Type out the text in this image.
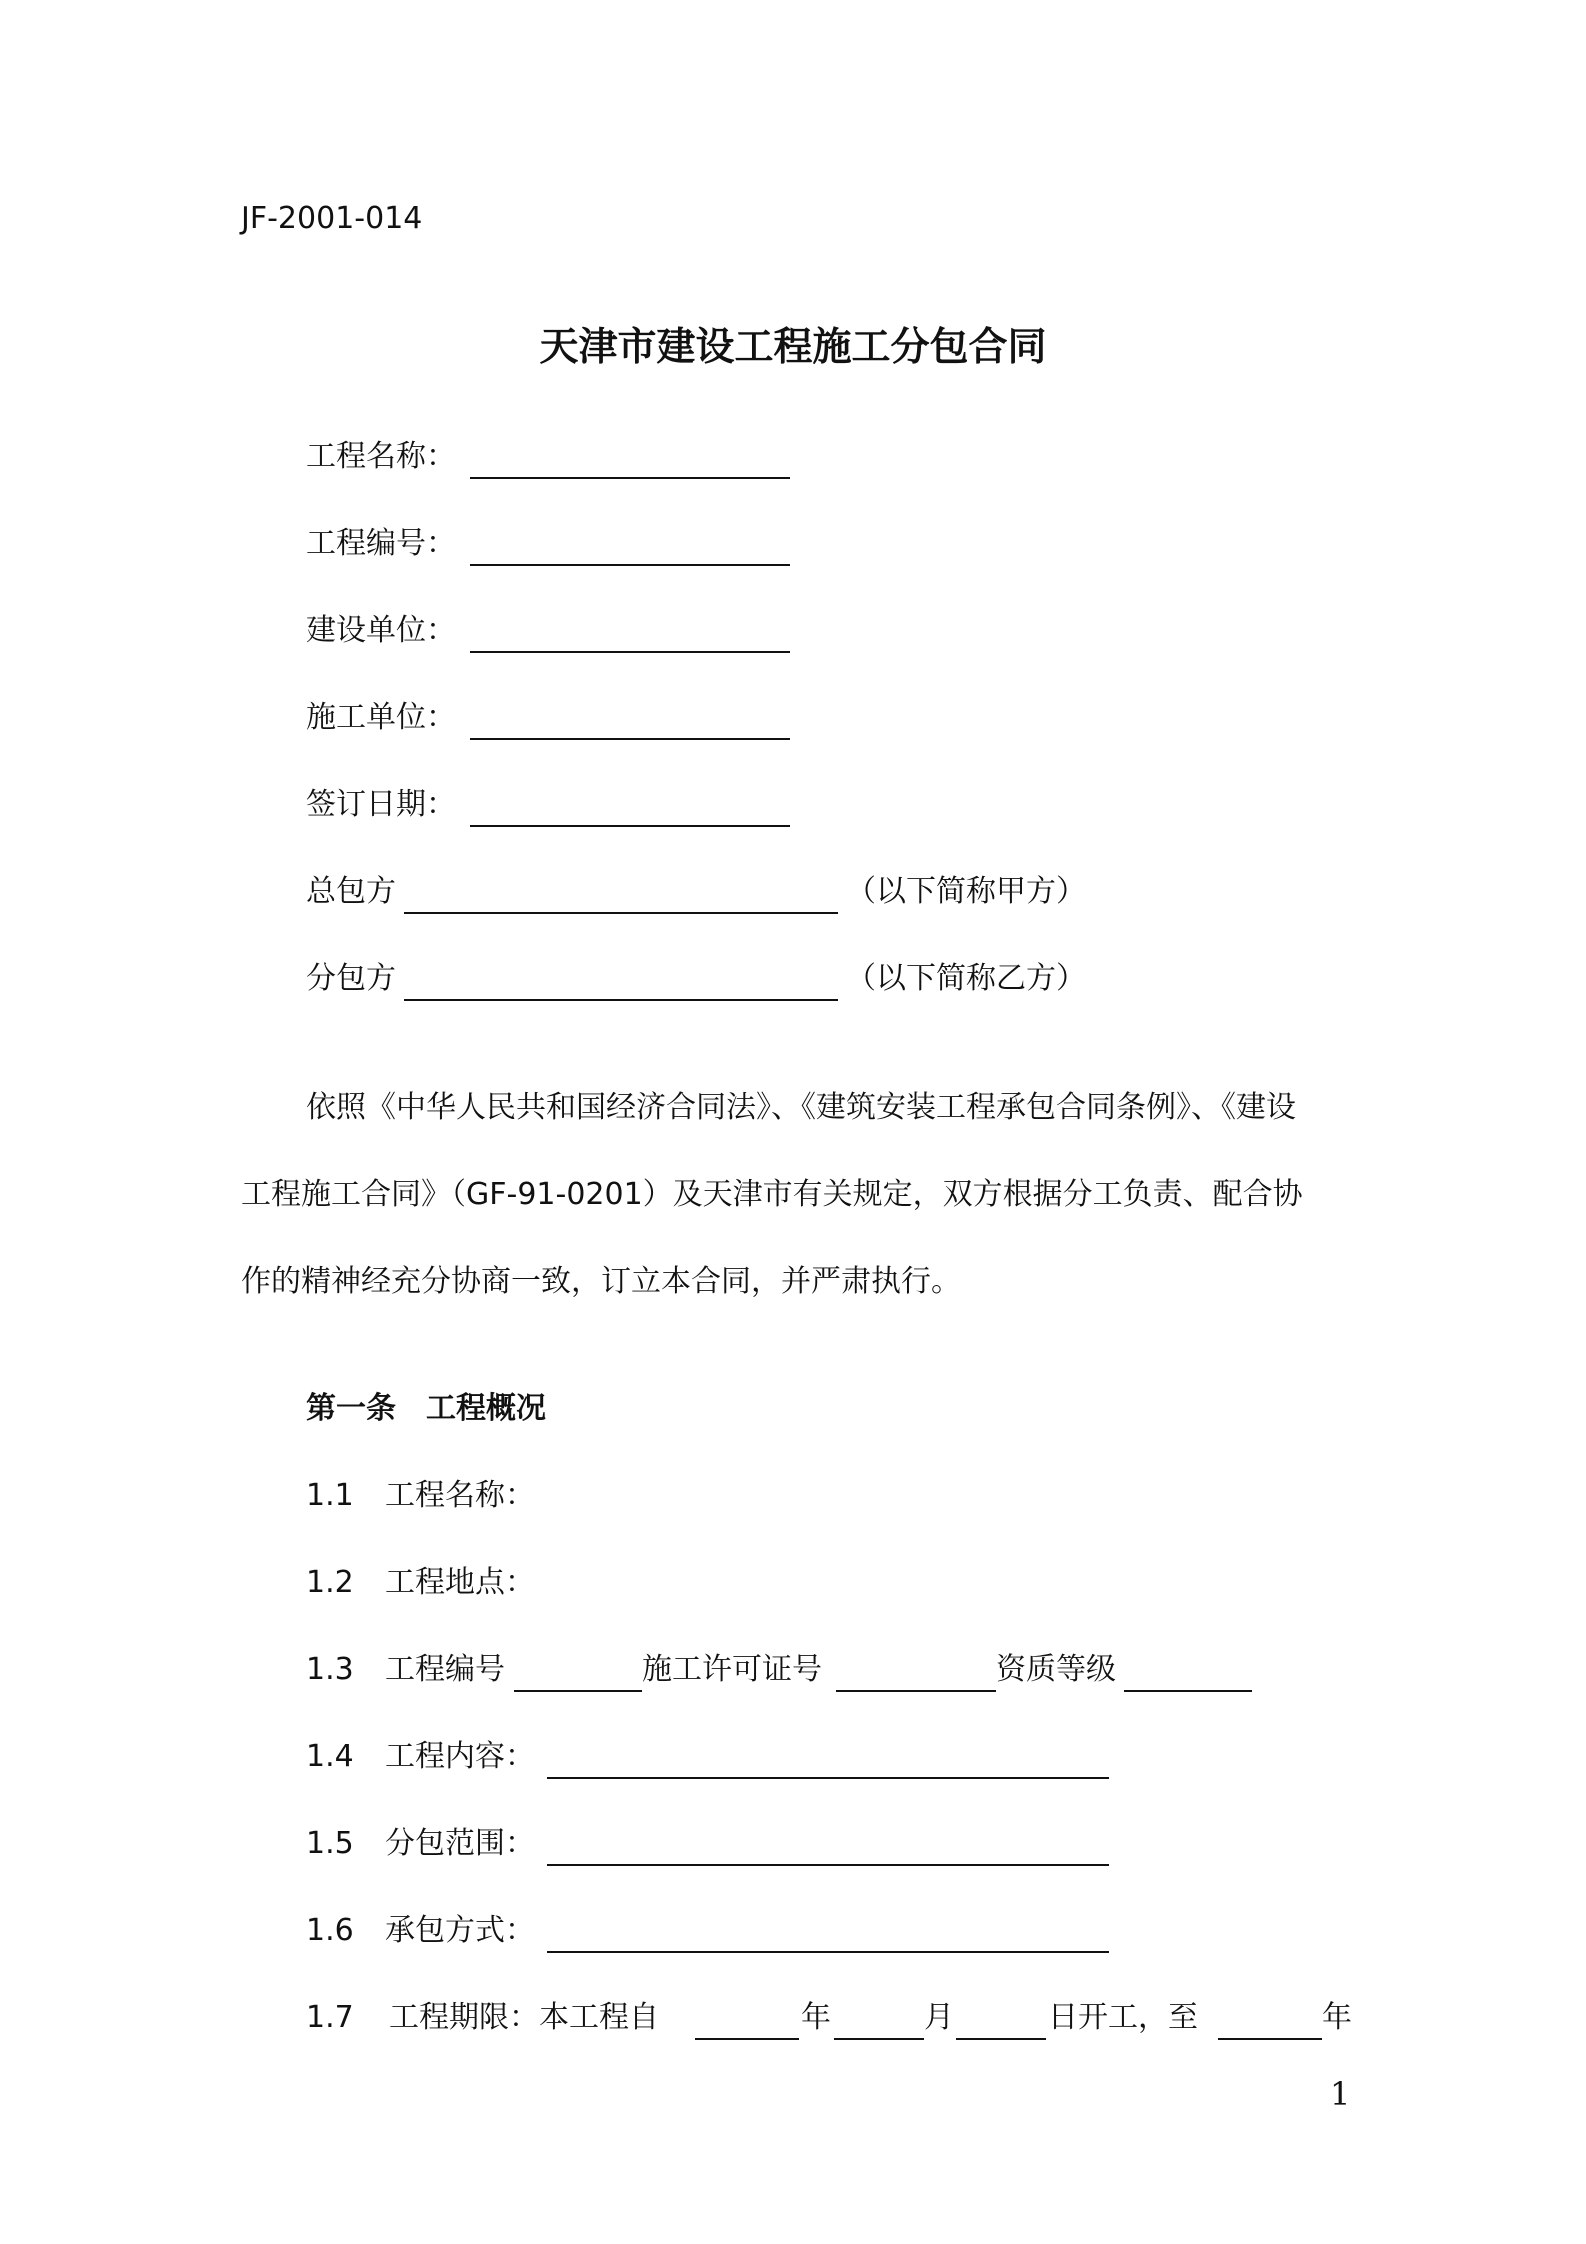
JF-2001-014
天津市建设工程施工分包合同
工程名称：
工程编号：
建设单位：
施工单位：
签订日期：
总包方	（以下简称甲方）
分包方	（以下简称乙方）
依照《中华人民共和国经济合同法》、《建筑安装工程承包合同条例》、《建设
工程施工合同》（GF-91-0201）及天津市有关规定，双方根据分工负责、配合协
作的精神经充分协商一致，订立本合同，并严肃执行。
第一条　工程概况
1.1 工程名称：
1.2 工程地点：
1.3 工程编号	施工许可证号	资质等级
1.4 工程内容：
1.5 分包范围：
1.6 承包方式：
1.7 工程期限：本工程自	年	月	日开工，至	年
1
